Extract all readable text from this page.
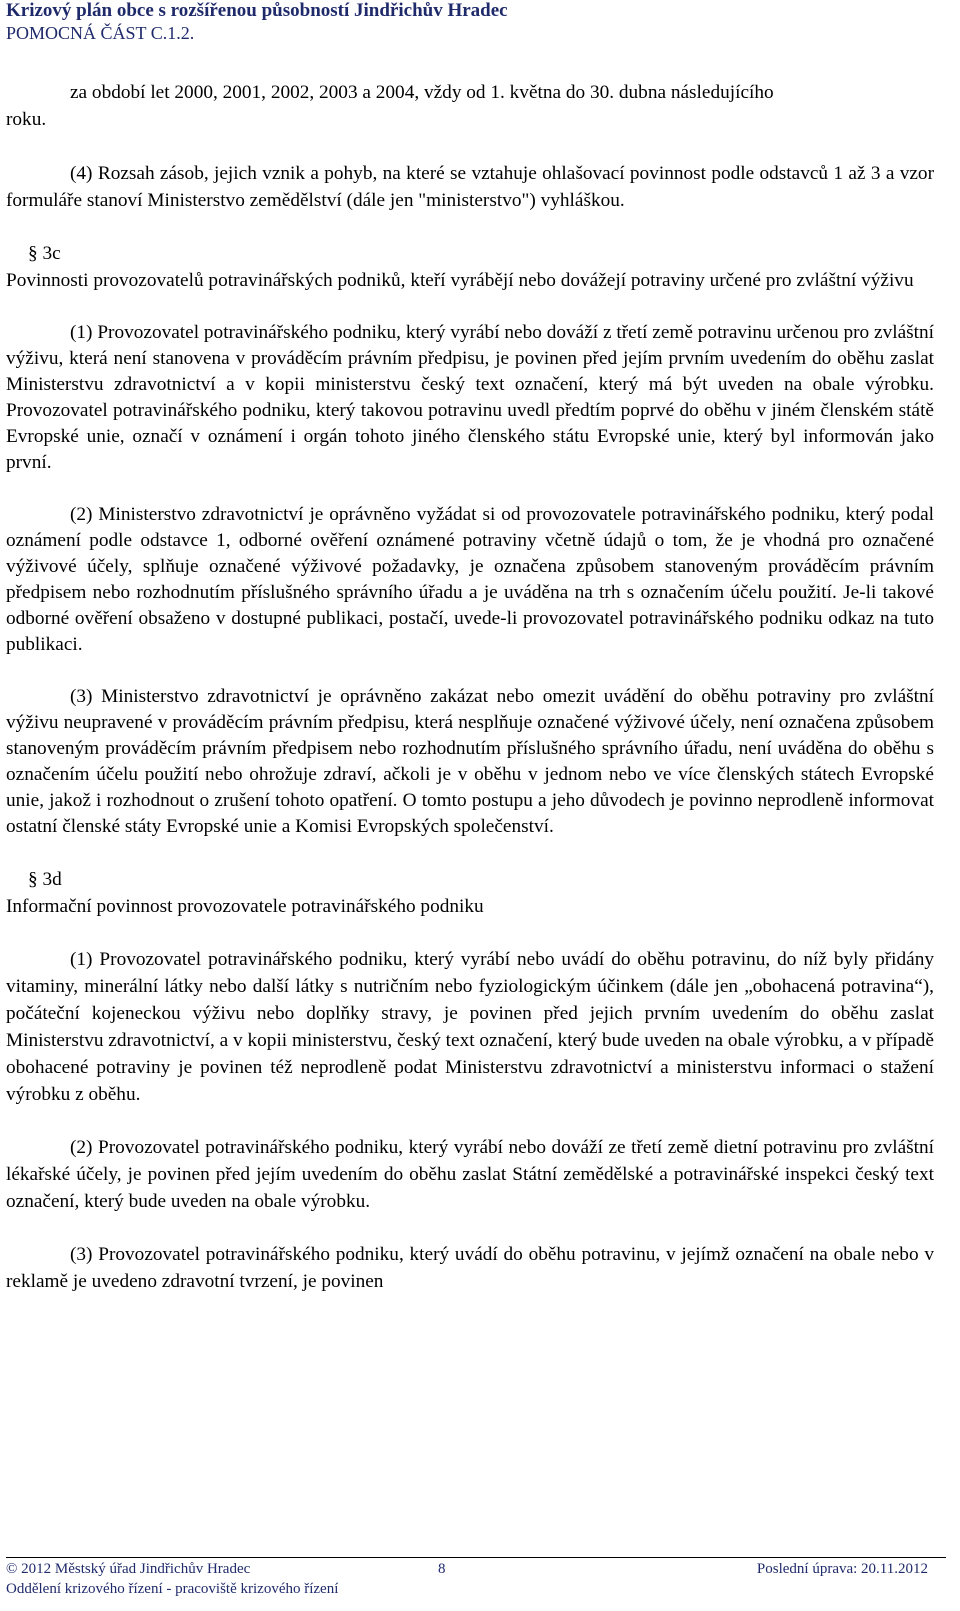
Krizový plán obce s rozšířenou působností Jindřichův Hradec
POMOCNÁ ČÁST C.1.2.
za období let 2000, 2001, 2002, 2003 a 2004, vždy od 1. května do 30. dubna následujícího
roku.

(4) Rozsah zásob, jejich vznik a pohyb, na které se vztahuje ohlašovací povinnost podle odstavců 1 až 3 a vzor formuláře stanoví Ministerstvo zemědělství (dále jen "ministerstvo") vyhláškou.

§ 3c

Povinnosti provozovatelů potravinářských podniků, kteří vyrábějí nebo dovážejí potraviny určené pro zvláštní výživu

(1) Provozovatel potravinářského podniku, který vyrábí nebo dováží z třetí země potravinu určenou pro zvláštní výživu, která není stanovena v prováděcím právním předpisu, je povinen před jejím prvním uvedením do oběhu zaslat Ministerstvu zdravotnictví a v kopii ministerstvu český text označení, který má být uveden na obale výrobku. Provozovatel potravinářského podniku, který takovou potravinu uvedl předtím poprvé do oběhu v jiném členském státě Evropské unie, označí v oznámení i orgán tohoto jiného členského státu Evropské unie, který byl informován jako první.

(2) Ministerstvo zdravotnictví je oprávněno vyžádat si od provozovatele potravinářského podniku, který podal oznámení podle odstavce 1, odborné ověření oznámené potraviny včetně údajů o tom, že je vhodná pro označené výživové účely, splňuje označené výživové požadavky, je označena způsobem stanoveným prováděcím právním předpisem nebo rozhodnutím příslušného správního úřadu a je uváděna na trh s označením účelu použití. Je-li takové odborné ověření obsaženo v dostupné publikaci, postačí, uvede-li provozovatel potravinářského podniku odkaz na tuto publikaci.

(3) Ministerstvo zdravotnictví je oprávněno zakázat nebo omezit uvádění do oběhu potraviny pro zvláštní výživu neupravené v prováděcím právním předpisu, která nesplňuje označené výživové účely, není označena způsobem stanoveným prováděcím právním předpisem nebo rozhodnutím příslušného správního úřadu, není uváděna do oběhu s označením účelu použití nebo ohrožuje zdraví, ačkoli je v oběhu v jednom nebo ve více členských státech Evropské unie, jakož i rozhodnout o zrušení tohoto opatření. O tomto postupu a jeho důvodech je povinno neprodleně informovat ostatní členské státy Evropské unie a Komisi Evropských společenství.

§ 3d

Informační povinnost provozovatele potravinářského podniku

(1) Provozovatel potravinářského podniku, který vyrábí nebo uvádí do oběhu potravinu, do níž byly přidány vitaminy, minerální látky nebo další látky s nutričním nebo fyziologickým účinkem (dále jen „obohacená potravina“), počáteční kojeneckou výživu nebo doplňky stravy, je povinen před jejich prvním uvedením do oběhu zaslat Ministerstvu zdravotnictví, a v kopii ministerstvu, český text označení, který bude uveden na obale výrobku, a v případě obohacené potraviny je povinen též neprodleně podat Ministerstvu zdravotnictví a ministerstvu informaci o stažení výrobku z oběhu.

(2) Provozovatel potravinářského podniku, který vyrábí nebo dováží ze třetí země dietní potravinu pro zvláštní lékařské účely, je povinen před jejím uvedením do oběhu zaslat Státní zemědělské a potravinářské inspekci český text označení, který bude uveden na obale výrobku.

(3) Provozovatel potravinářského podniku, který uvádí do oběhu potravinu, v jejímž označení na obale nebo v reklamě je uvedeno zdravotní tvrzení, je povinen

© 2012 Městský úřad Jindřichův Hradec	8	Poslední úprava: 20.11.2012
Oddělení krizového řízení - pracoviště krizového řízení
